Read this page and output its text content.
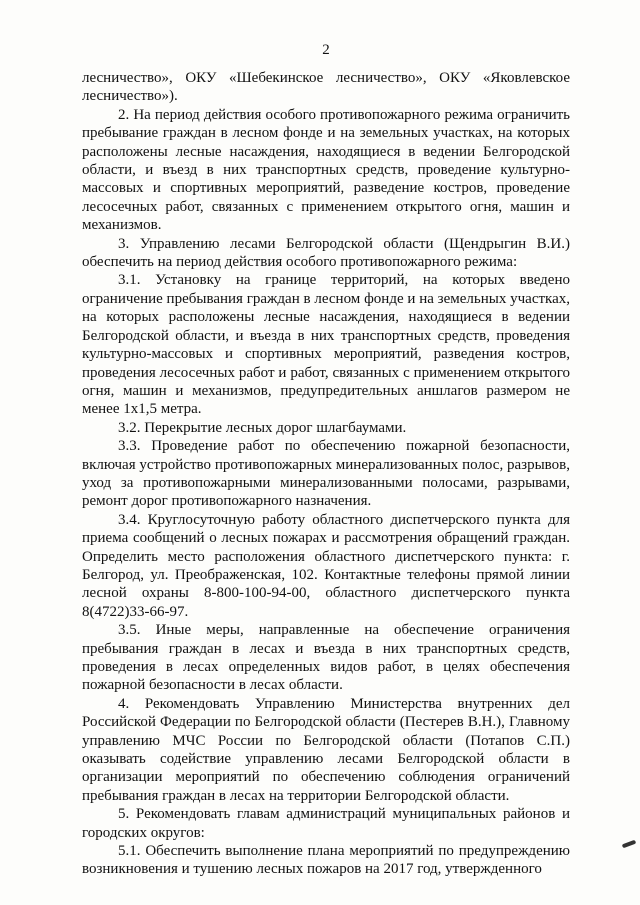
2

лесничество», ОКУ «Шебекинское лесничество», ОКУ «Яковлевское лесничество»).

2. На период действия особого противопожарного режима ограничить пребывание граждан в лесном фонде и на земельных участках, на которых расположены лесные насаждения, находящиеся в ведении Белгородской области, и въезд в них транспортных средств, проведение культурно-массовых и спортивных мероприятий, разведение костров, проведение лесосечных работ, связанных с применением открытого огня, машин и механизмов.

3. Управлению лесами Белгородской области (Щендрыгин В.И.) обеспечить на период действия особого противопожарного режима:

3.1. Установку на границе территорий, на которых введено ограничение пребывания граждан в лесном фонде и на земельных участках, на которых расположены лесные насаждения, находящиеся в ведении Белгородской области, и въезда в них транспортных средств, проведения культурно-массовых и спортивных мероприятий, разведения костров, проведения лесосечных работ и работ, связанных с применением открытого огня, машин и механизмов, предупредительных аншлагов размером не менее 1х1,5 метра.

3.2. Перекрытие лесных дорог шлагбаумами.

3.3. Проведение работ по обеспечению пожарной безопасности, включая устройство противопожарных минерализованных полос, разрывов, уход за противопожарными минерализованными полосами, разрывами, ремонт дорог противопожарного назначения.

3.4. Круглосуточную работу областного диспетчерского пункта для приема сообщений о лесных пожарах и рассмотрения обращений граждан. Определить место расположения областного диспетчерского пункта: г. Белгород, ул. Преображенская, 102. Контактные телефоны прямой линии лесной охраны 8-800-100-94-00, областного диспетчерского пункта 8(4722)33-66-97.

3.5. Иные меры, направленные на обеспечение ограничения пребывания граждан в лесах и въезда в них транспортных средств, проведения в лесах определенных видов работ, в целях обеспечения пожарной безопасности в лесах области.

4. Рекомендовать Управлению Министерства внутренних дел Российской Федерации по Белгородской области (Пестерев В.Н.), Главному управлению МЧС России по Белгородской области (Потапов С.П.) оказывать содействие управлению лесами Белгородской области в организации мероприятий по обеспечению соблюдения ограничений пребывания граждан в лесах на территории Белгородской области.

5. Рекомендовать главам администраций муниципальных районов и городских округов:

5.1. Обеспечить выполнение плана мероприятий по предупреждению возникновения и тушению лесных пожаров на 2017 год, утвержденного
